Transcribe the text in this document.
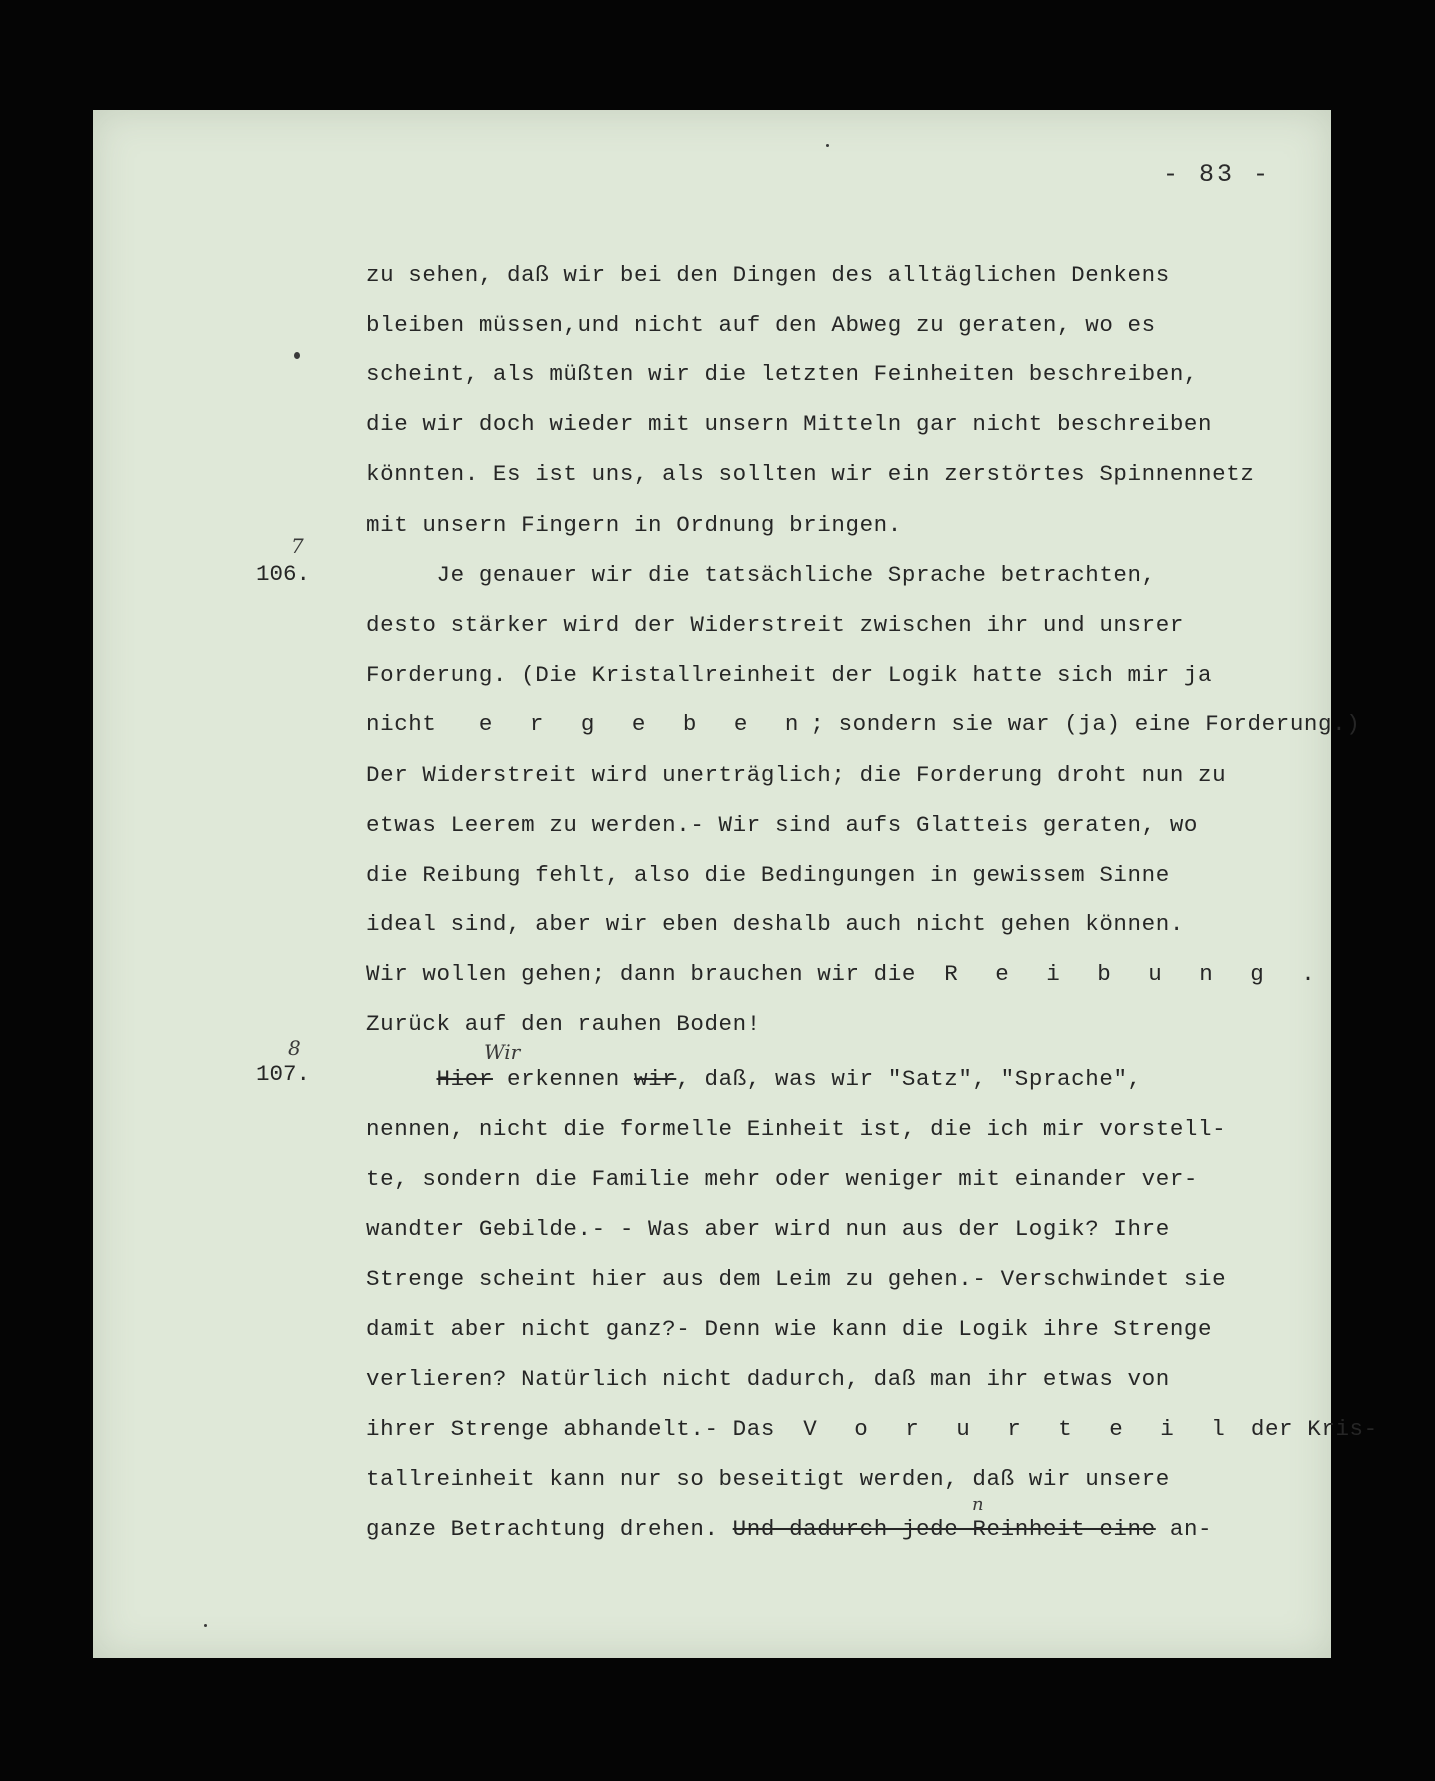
- 83 -
zu sehen, daß wir bei den Dingen des alltäglichen Denkens
bleiben müssen,und nicht auf den Abweg zu geraten, wo es
scheint, als müßten wir die letzten Feinheiten beschreiben,
die wir doch wieder mit unsern Mitteln gar nicht beschreiben
könnten. Es ist uns, als sollten wir ein zerstörtes Spinnennetz
mit unsern Fingern in Ordnung bringen.
106.
7
Je genauer wir die tatsächliche Sprache betrachten,
desto stärker wird der Widerstreit zwischen ihr und unsrer
Forderung. (Die Kristallreinheit der Logik hatte sich mir ja
nicht e r g e b e n; sondern sie war (ja) eine Forderung.)
Der Widerstreit wird unerträglich; die Forderung droht nun zu
etwas Leerem zu werden.- Wir sind aufs Glatteis geraten, wo
die Reibung fehlt, also die Bedingungen in gewissem Sinne
ideal sind, aber wir eben deshalb auch nicht gehen können.
Wir wollen gehen; dann brauchen wir die R e i b u n g .
Zurück auf den rauhen Boden!
107.
8	Wir
Hier erkennen wir, daß, was wir "Satz", "Sprache",
nennen, nicht die formelle Einheit ist, die ich mir vorstell-
te, sondern die Familie mehr oder weniger mit einander ver-
wandter Gebilde.- - Was aber wird nun aus der Logik? Ihre
Strenge scheint hier aus dem Leim zu gehen.- Verschwindet sie
damit aber nicht ganz?- Denn wie kann die Logik ihre Strenge
verlieren? Natürlich nicht dadurch, daß man ihr etwas von
ihrer Strenge abhandelt.- Das V o r u r t e i l der Kris-
tallreinheit kann nur so beseitigt werden, daß wir unsere
n
ganze Betrachtung drehen. Und dadurch jede Reinheit eine an-
